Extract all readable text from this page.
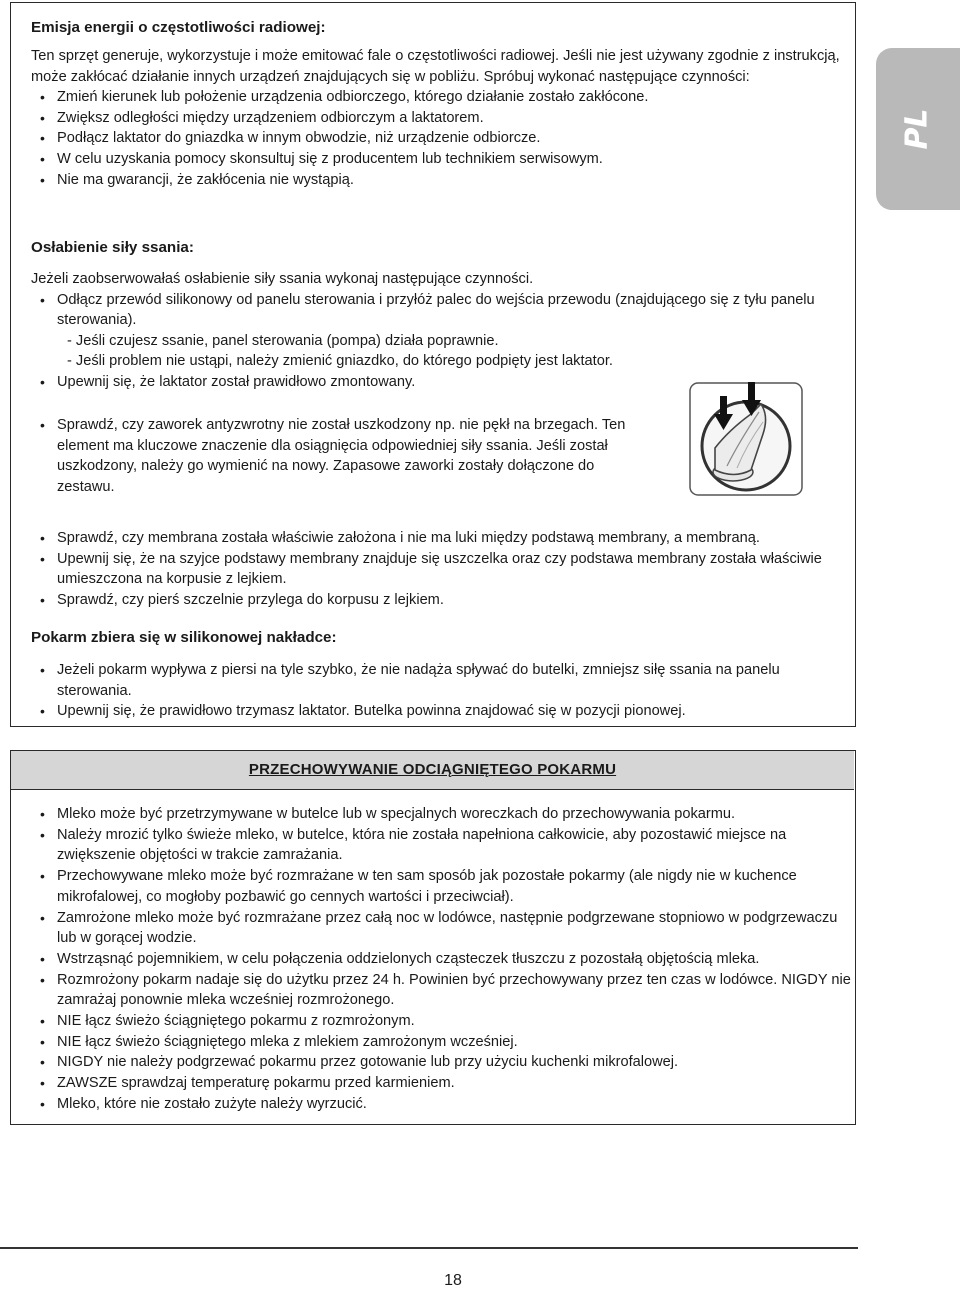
PL
Emisja energii o częstotliwości radiowej:

Ten sprzęt generuje, wykorzystuje i może emitować fale o częstotliwości radiowej. Jeśli nie jest używany zgodnie z instrukcją, może zakłócać działanie innych urządzeń znajdujących się w pobliżu. Spróbuj wykonać następujące czynności:

• Zmień kierunek lub położenie urządzenia odbiorczego, którego działanie zostało zakłócone.
• Zwiększ odległości między urządzeniem odbiorczym a laktatorem.
• Podłącz laktator do gniazdka w innym obwodzie, niż urządzenie odbiorcze.
• W celu uzyskania pomocy skonsultuj się z producentem lub technikiem serwisowym.
• Nie ma gwarancji, że zakłócenia nie wystąpią.
Osłabienie siły ssania:

Jeżeli zaobserwowałaś osłabienie siły ssania wykonaj następujące czynności.

• Odłącz przewód silikonowy od panelu sterowania i przyłóż palec do wejścia przewodu (znajdującego się z tyłu panelu sterowania).
- Jeśli czujesz ssanie, panel sterowania (pompa) działa poprawnie.
- Jeśli problem nie ustąpi, należy zmienić gniazdko, do którego podpięty jest laktator.
• Upewnij się, że laktator został prawidłowo zmontowany.
• Sprawdź, czy zaworek antyzwrotny nie został uszkodzony np. nie pękł na brzegach. Ten element ma kluczowe znaczenie dla osiągnięcia odpowiedniej siły ssania. Jeśli został uszkodzony, należy go wymienić na nowy. Zapasowe zaworki zostały dołączone do zestawu.
• Sprawdź, czy membrana została właściwie założona i nie ma luki między podstawą membrany, a membraną.
• Upewnij się, że na szyjce podstawy membrany znajduje się uszczelka oraz czy podstawa membrany została właściwie umieszczona na korpusie z lejkiem.
• Sprawdź, czy pierś szczelnie przylega do korpusu z lejkiem.
Pokarm zbiera się w silikonowej nakładce:
• Jeżeli pokarm wypływa z piersi na tyle szybko, że nie nadąża spływać do butelki, zmniejsz siłę ssania na panelu sterowania.
• Upewnij się, że prawidłowo trzymasz laktator. Butelka powinna znajdować się w pozycji pionowej.
PRZECHOWYWANIE ODCIĄGNIĘTEGO POKARMU
• Mleko może być przetrzymywane w butelce lub w specjalnych woreczkach do przechowywania pokarmu.
• Należy mrozić tylko świeże mleko, w butelce, która nie została napełniona całkowicie, aby pozostawić miejsce na zwiększenie objętości w trakcie zamrażania.
• Przechowywane mleko może być rozmrażane w ten sam sposób jak pozostałe pokarmy (ale nigdy nie w kuchence mikrofalowej, co mogłoby pozbawić go cennych wartości i przeciwciał).
• Zamrożone mleko może być rozmrażane przez całą noc w lodówce, następnie podgrzewane stopniowo w podgrzewaczu lub w gorącej wodzie.
• Wstrząsnąć pojemnikiem, w celu połączenia oddzielonych cząsteczek tłuszczu z pozostałą objętością mleka.
• Rozmrożony pokarm nadaje się do użytku przez 24 h. Powinien być przechowywany przez ten czas w lodówce. NIGDY nie zamrażaj ponownie mleka wcześniej rozmrożonego.
• NIE łącz świeżo ściągniętego pokarmu z rozmrożonym.
• NIE łącz świeżo ściągniętego mleka z mlekiem zamrożonym wcześniej.
• NIGDY nie należy podgrzewać pokarmu przez gotowanie lub przy użyciu kuchenki mikrofalowej.
• ZAWSZE sprawdzaj temperaturę pokarmu przed karmieniem.
• Mleko, które nie zostało zużyte należy wyrzucić.
18
